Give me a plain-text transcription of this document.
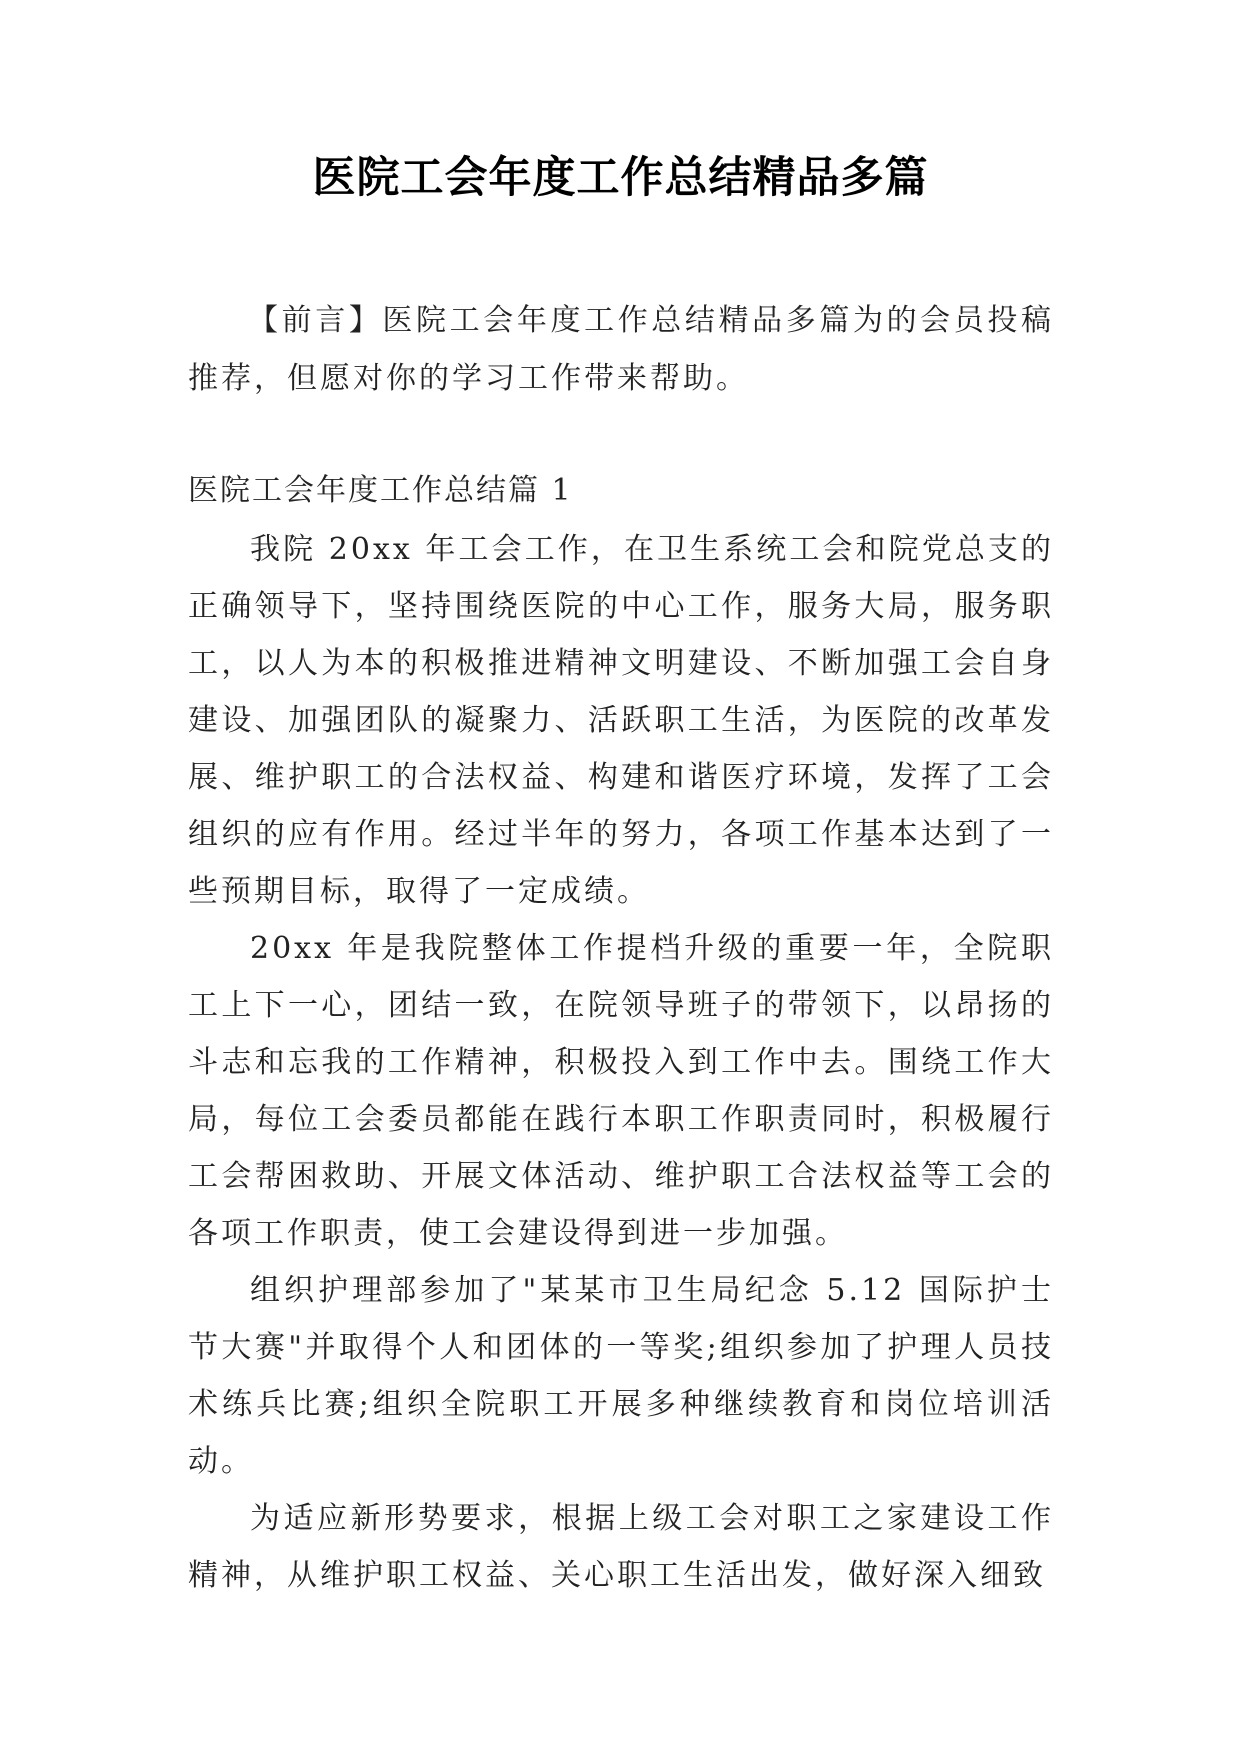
医院工会年度工作总结精品多篇
【前言】医院工会年度工作总结精品多篇为的会员投稿推荐，但愿对你的学习工作带来帮助。
医院工会年度工作总结篇 1

我院 20xx 年工会工作，在卫生系统工会和院党总支的正确领导下，坚持围绕医院的中心工作，服务大局，服务职工，以人为本的积极推进精神文明建设、不断加强工会自身建设、加强团队的凝聚力、活跃职工生活，为医院的改革发展、维护职工的合法权益、构建和谐医疗环境，发挥了工会组织的应有作用。经过半年的努力，各项工作基本达到了一些预期目标，取得了一定成绩。

20xx 年是我院整体工作提档升级的重要一年，全院职工上下一心，团结一致，在院领导班子的带领下，以昂扬的斗志和忘我的工作精神，积极投入到工作中去。围绕工作大局，每位工会委员都能在践行本职工作职责同时，积极履行工会帮困救助、开展文体活动、维护职工合法权益等工会的各项工作职责，使工会建设得到进一步加强。

组织护理部参加了"某某市卫生局纪念 5.12 国际护士节大赛"并取得个人和团体的一等奖;组织参加了护理人员技术练兵比赛;组织全院职工开展多种继续教育和岗位培训活动。

为适应新形势要求，根据上级工会对职工之家建设工作精神，从维护职工权益、关心职工生活出发，做好深入细致
